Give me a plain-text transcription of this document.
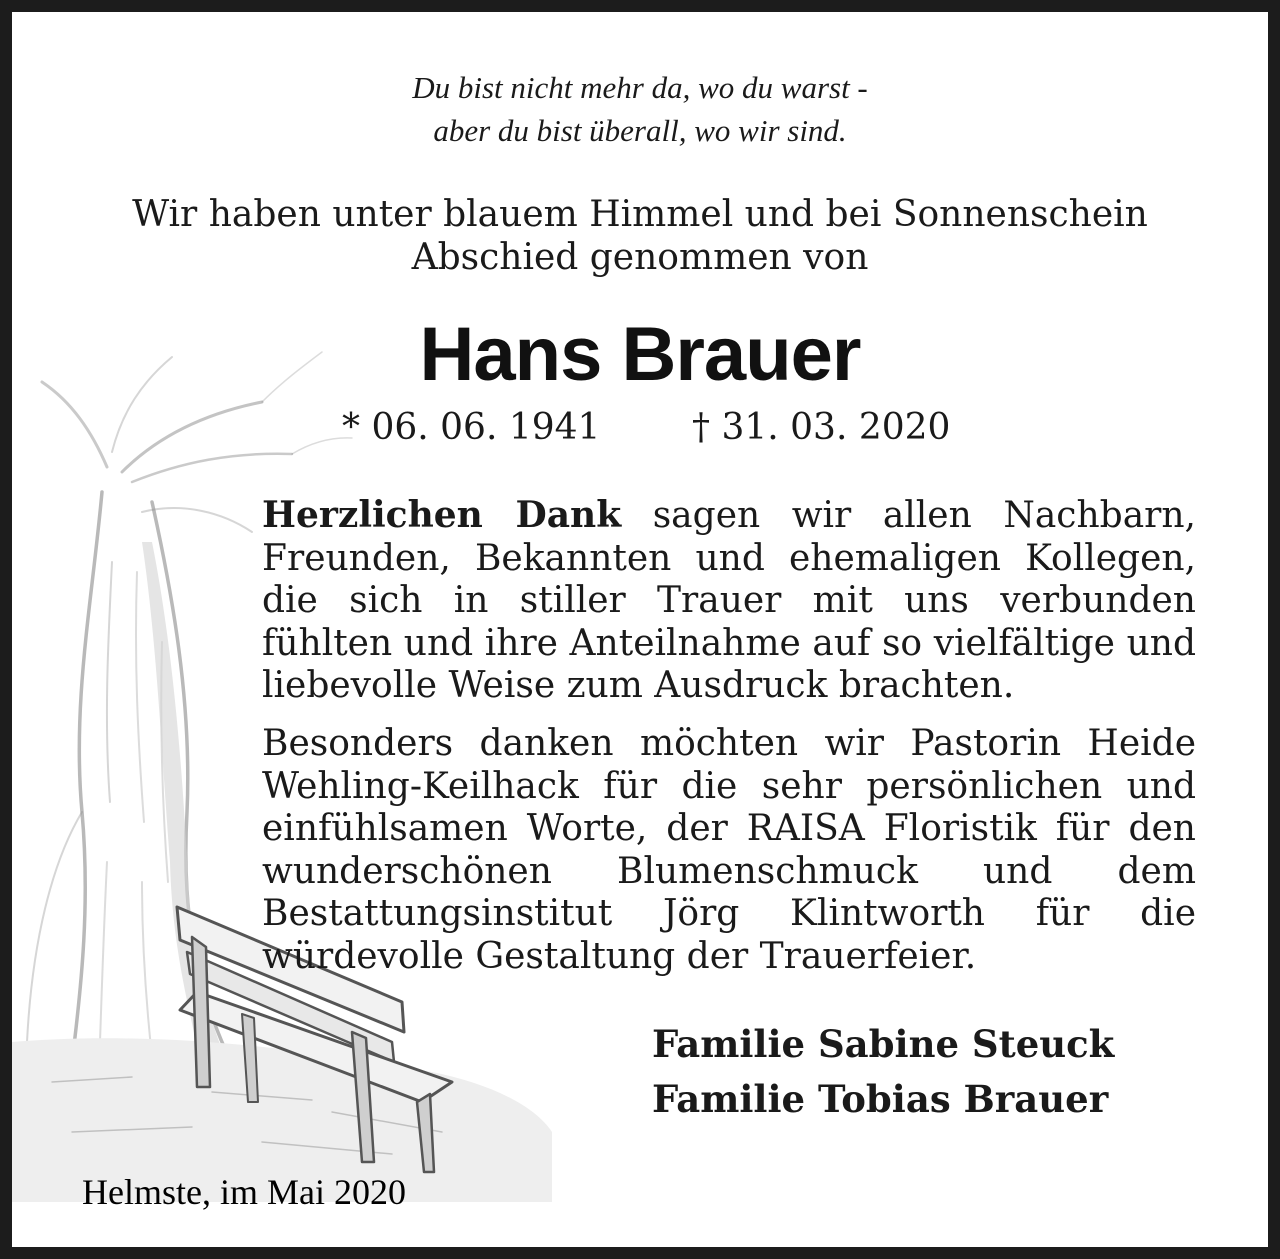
Du bist nicht mehr da, wo du warst -
aber du bist überall, wo wir sind.
Wir haben unter blauem Himmel und bei Sonnenschein
Abschied genommen von
Hans Brauer
* 06. 06. 1941	† 31. 03. 2020
Herzlichen Dank sagen wir allen Nachbarn, Freunden, Bekannten und ehemaligen Kollegen, die sich in stiller Trauer mit uns verbunden fühlten und ihre Anteilnahme auf so vielfältige und liebevolle Weise zum Ausdruck brachten.
Besonders danken möchten wir Pastorin Heide Wehling-Keilhack für die sehr persönlichen und einfühlsamen Worte, der RAISA Floristik für den wunderschönen Blumenschmuck und dem Bestattungsinstitut Jörg Klintworth für die würdevolle Gestaltung der Trauerfeier.
Familie Sabine Steuck
Familie Tobias Brauer
Helmste, im Mai 2020
